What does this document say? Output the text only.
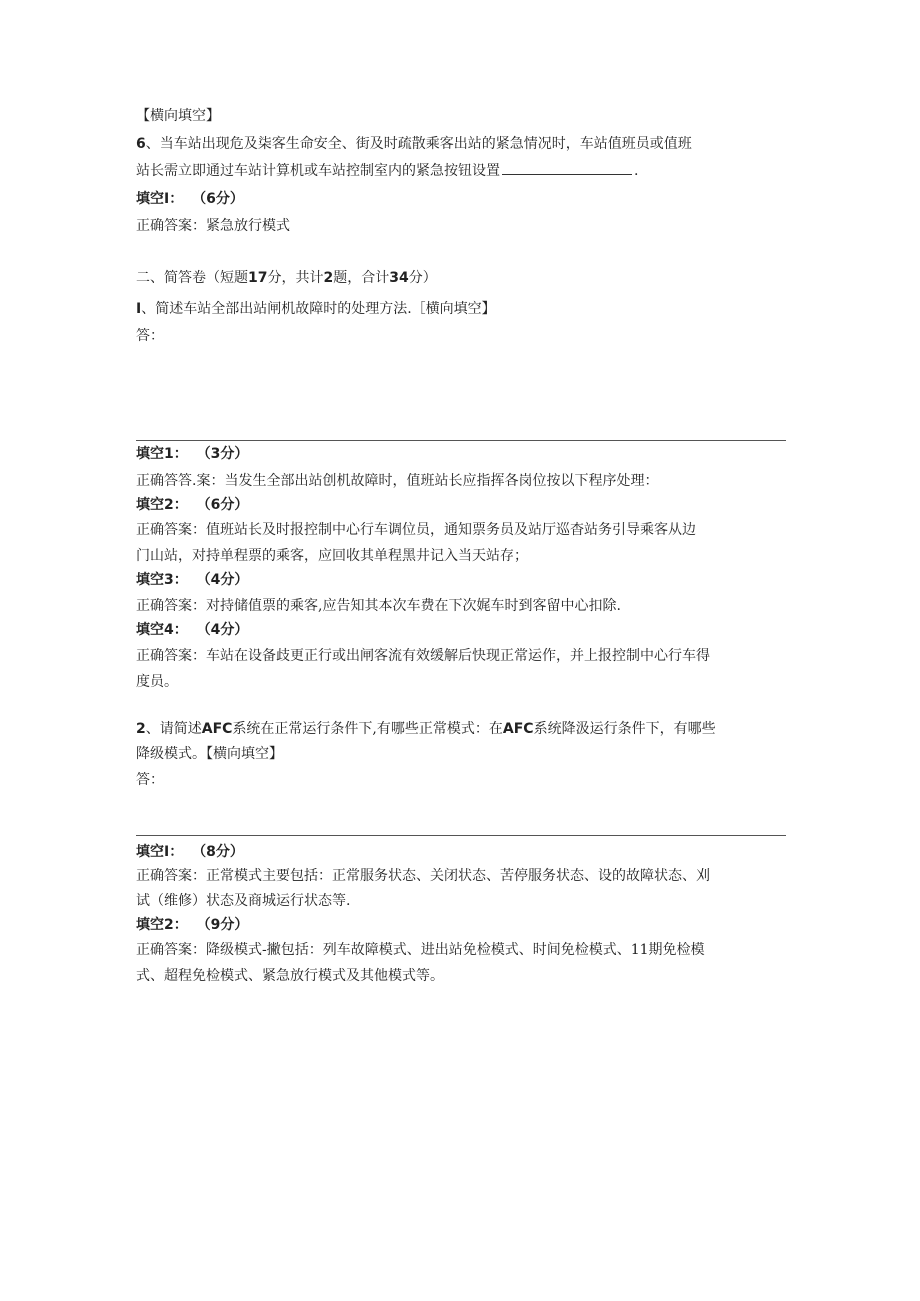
【横向填空】
6、当车站出现危及柒客生命安全、街及时疏散乘客出站的紧急情况时，车站值班员或值班
站长需立即通过车站计算机或车站控制室内的紧急按钮设置	.
填空I： （6分）
正确答案：紧急放行模式
二、简答卷（短题17分，共计2题，合计34分）
I、简述车站全部出站闸机故障时的处理方法.［横向填空】
答：
填空1： （3分）
正确答答.案：当发生全部出站创机故障时，值班站长应指挥各岗位按以下程序处理：
填空2： （6分）
正确答案：值班站长及时报控制中心行车调位员，通知票务员及站厅巡杳站务引导乘客从边
门山站，对持单程票的乘客，应回收其单程黑井记入当天站存；
填空3： （4分）
正确答案：对持储值票的乘客,应告知其本次车费在下次娓车时到客留中心扣除.
填空4： （4分）
正确答案：车站在设备歧更正行或出闸客流有效缓解后快现正常运作，并上报控制中心行车得
度员。
2、请简述AFC系统在正常运行条件下,有哪些正常模式：在AFC系统降汲运行条件下，有哪些
降级模式。【横向填空】
答：
填空I： （8分）
正确答案：正常模式主要包括：正常服务状态、关闭状态、苦停服务状态、设的故障状态、刈
试（维修）状态及商城运行状态等.
填空2： （9分）
正确答案：降级模式-撇包括：列车故障模式、进出站免检模式、时间免检模式、11期免检模
式、超程免检模式、紧急放行模式及其他模式等。
